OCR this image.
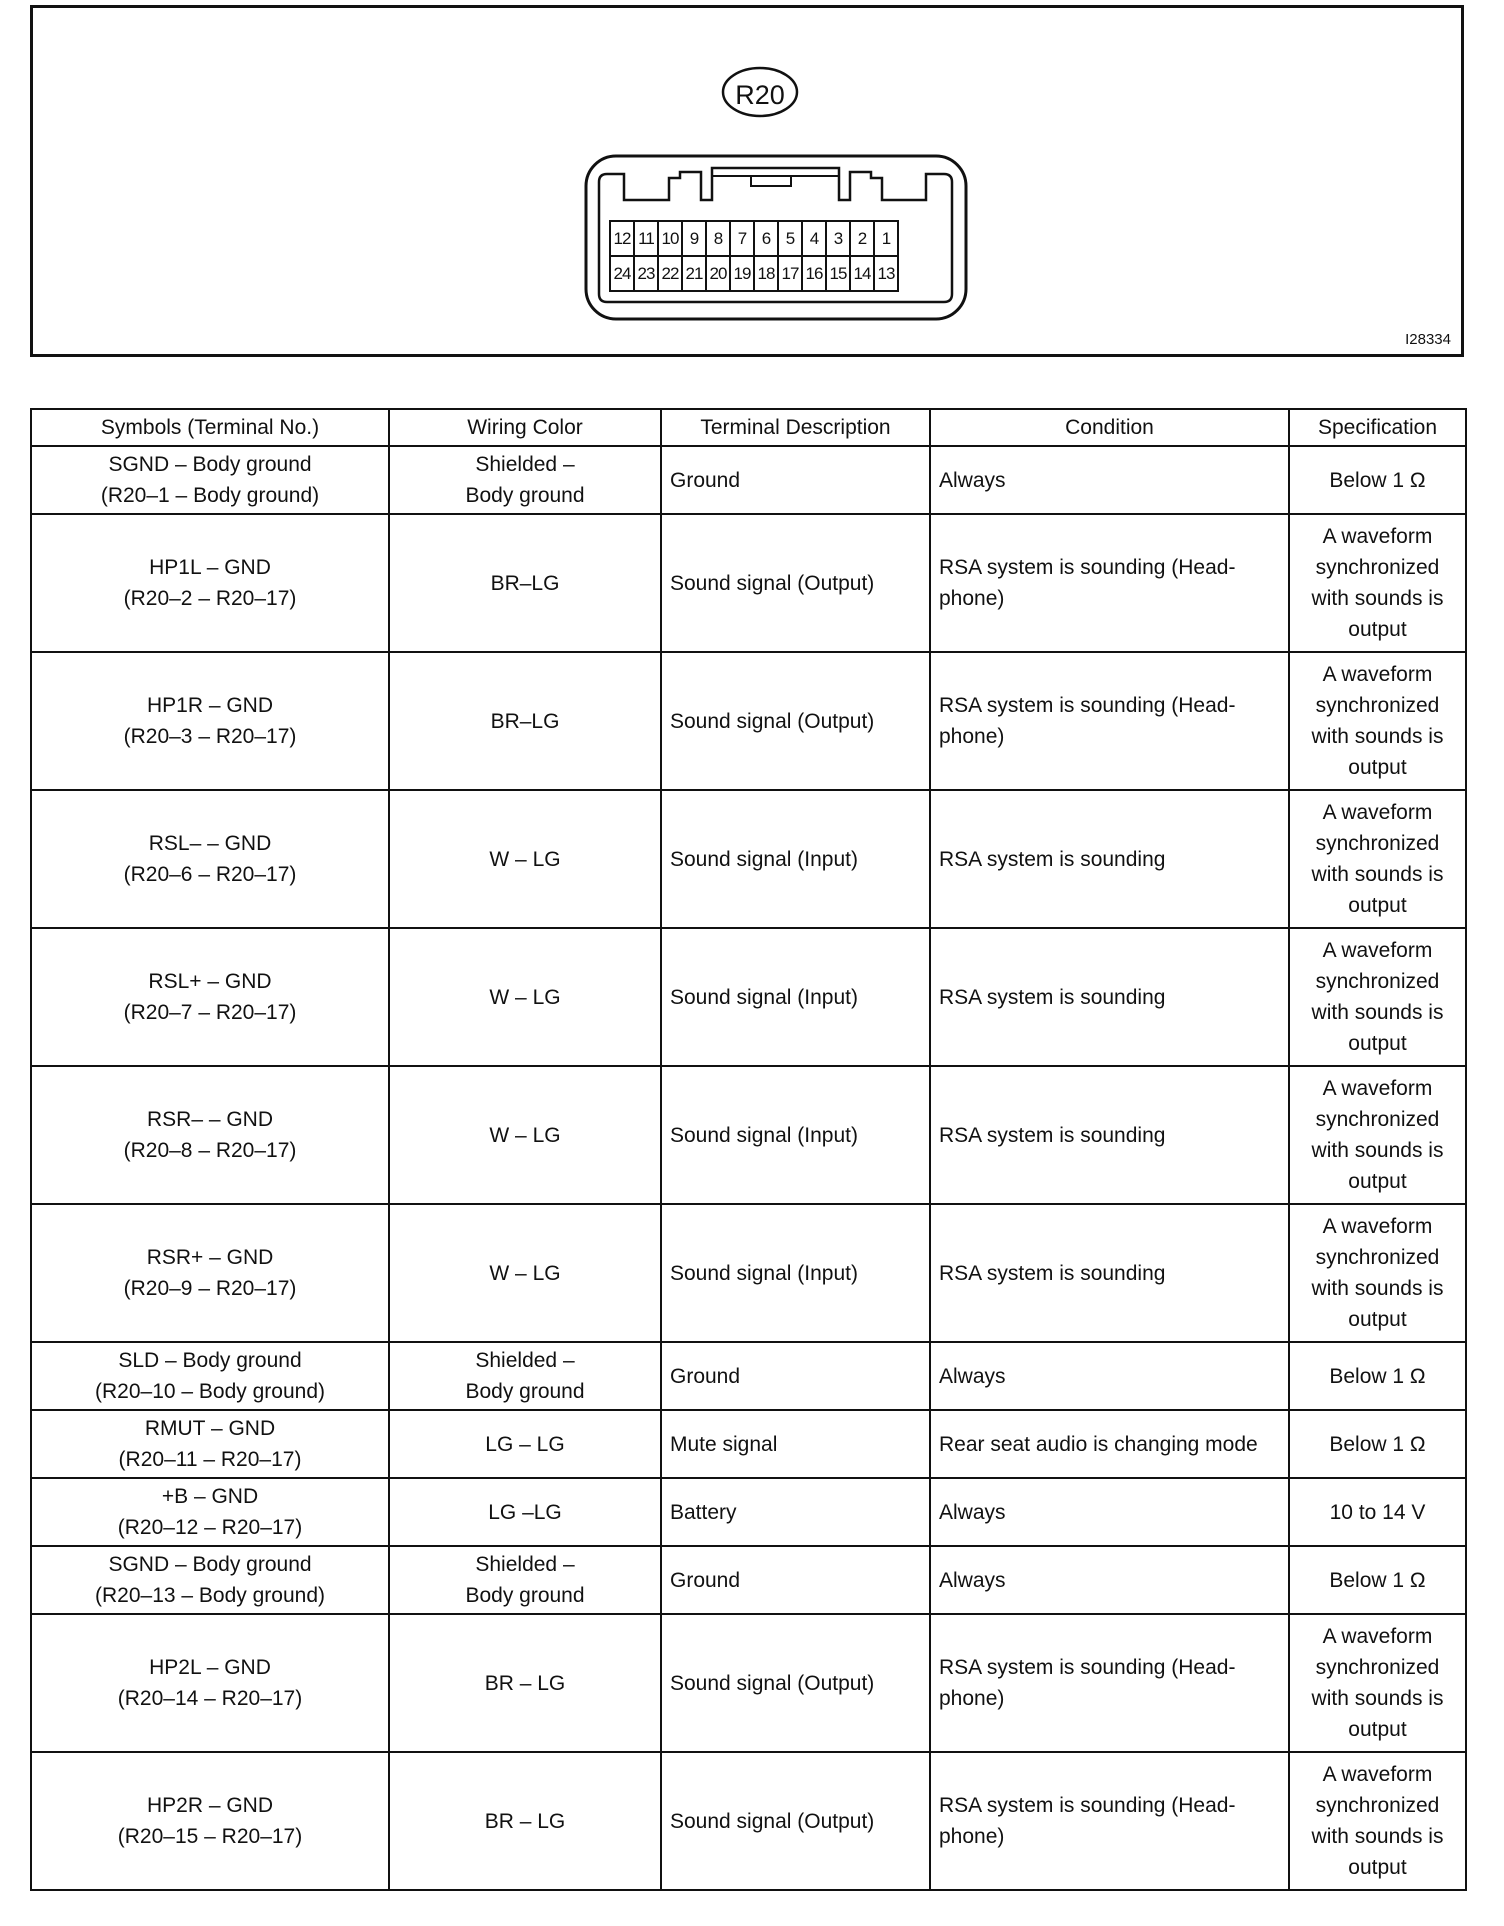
R20
12	11	10	9	8	7	6	5	4	3	2	1
24	23	22	21	20	19	18	17	16	15	14	13
I28334
Symbols (Terminal No.)	Wiring Color	Terminal Description	Condition	Specification

SGND – Body ground
(R20–1 – Body ground)	Shielded –
Body ground	Ground	Always	Below 1 Ω

HP1L – GND
(R20–2 – R20–17)	BR–LG	Sound signal (Output)	RSA system is sounding (Head- phone)	A waveform synchronized with sounds is output

HP1R – GND
(R20–3 – R20–17)	BR–LG	Sound signal (Output)	RSA system is sounding (Head- phone)	A waveform synchronized with sounds is output

RSL– – GND
(R20–6 – R20–17)	W – LG	Sound signal (Input)	RSA system is sounding	A waveform synchronized with sounds is output

RSL+ – GND
(R20–7 – R20–17)	W – LG	Sound signal (Input)	RSA system is sounding	A waveform synchronized with sounds is output

RSR– – GND
(R20–8 – R20–17)	W – LG	Sound signal (Input)	RSA system is sounding	A waveform synchronized with sounds is output

RSR+ – GND
(R20–9 – R20–17)	W – LG	Sound signal (Input)	RSA system is sounding	A waveform synchronized with sounds is output

SLD – Body ground
(R20–10 – Body ground)	Shielded –
Body ground	Ground	Always	Below 1 Ω

RMUT – GND
(R20–11 – R20–17)	LG – LG	Mute signal	Rear seat audio is changing mode	Below 1 Ω

+B – GND
(R20–12 – R20–17)	LG –LG	Battery	Always	10 to 14 V

SGND – Body ground
(R20–13 – Body ground)	Shielded –
Body ground	Ground	Always	Below 1 Ω

HP2L – GND
(R20–14 – R20–17)	BR – LG	Sound signal (Output)	RSA system is sounding (Head- phone)	A waveform synchronized with sounds is output

HP2R – GND
(R20–15 – R20–17)	BR – LG	Sound signal (Output)	RSA system is sounding (Head- phone)	A waveform synchronized with sounds is output
